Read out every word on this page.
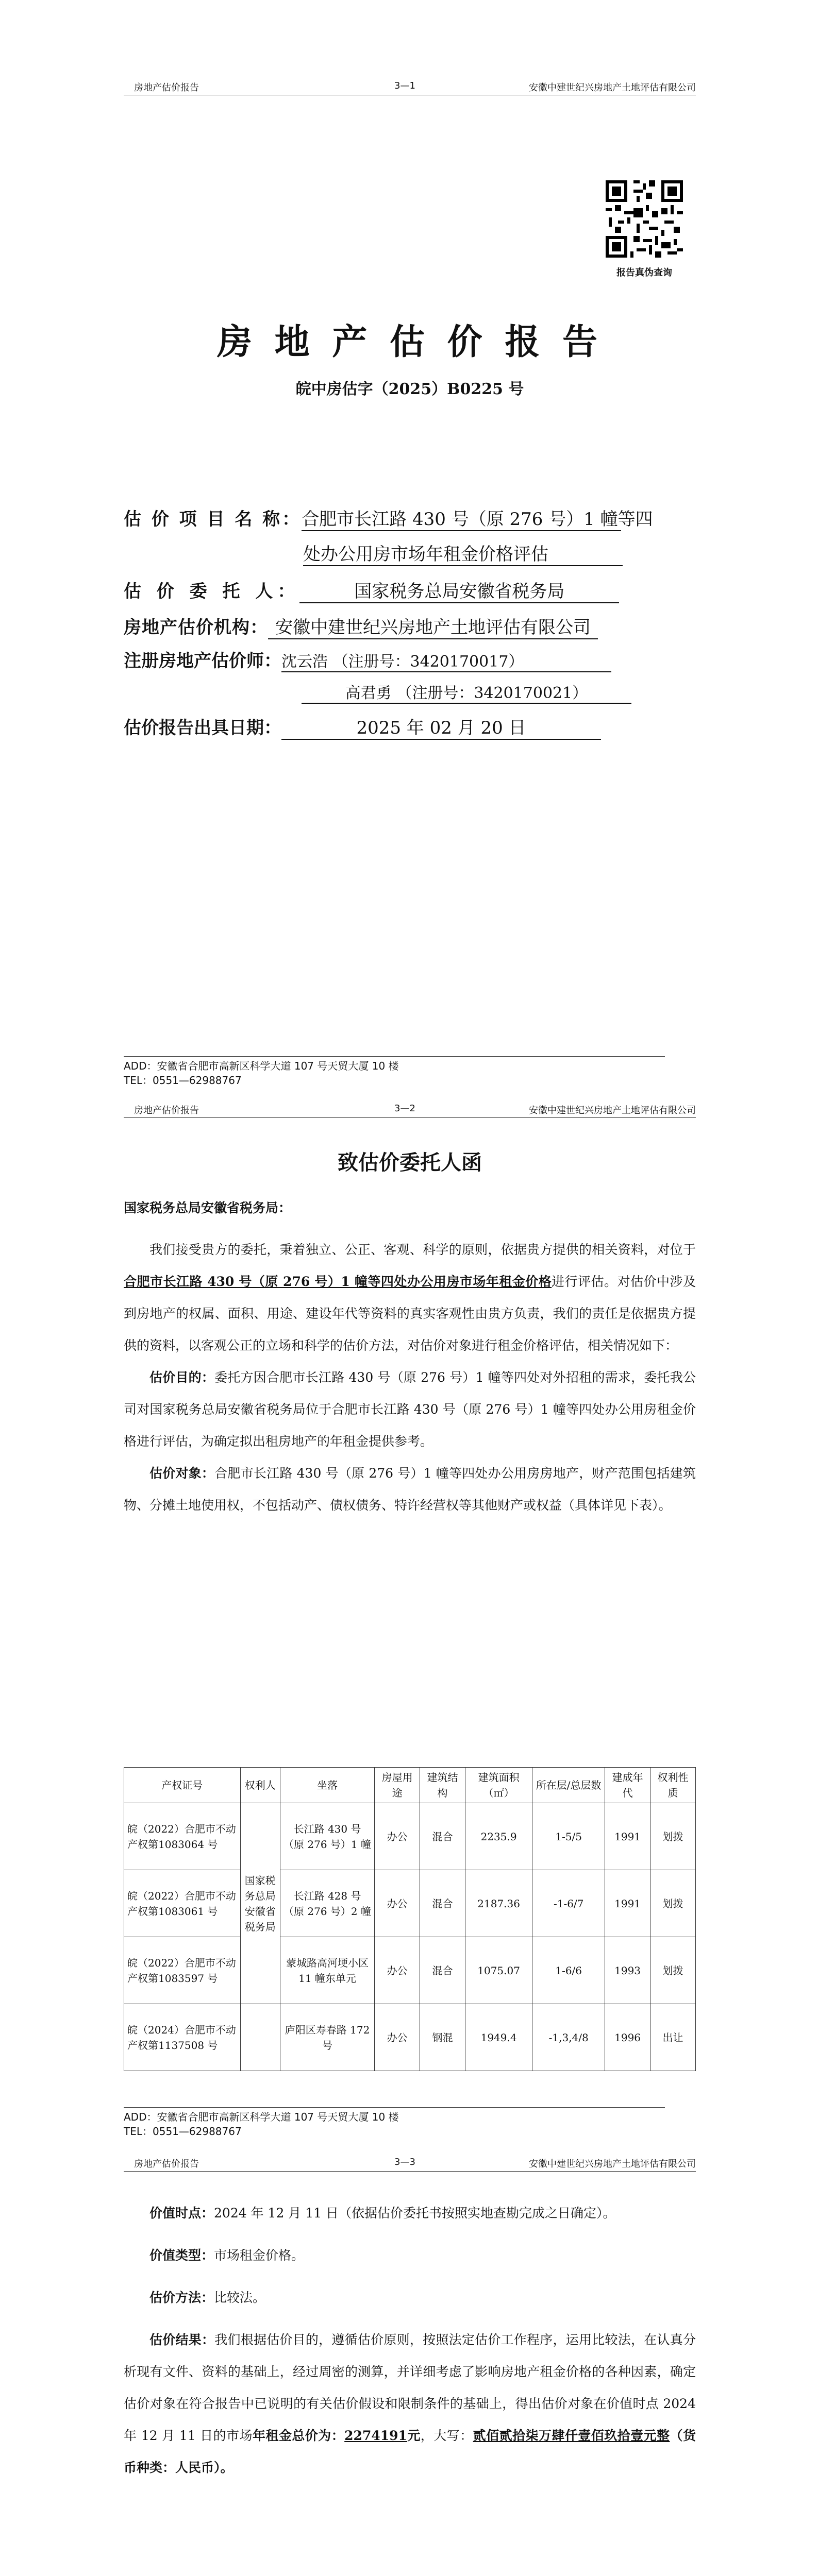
房地产估价报告	3—1	安徽中建世纪兴房地产土地评估有限公司
报告真伪查询
房 地 产 估 价 报 告
皖中房估字（2025）B0225 号
估 价 项 目 名 称：合肥市长江路 430 号（原 276 号）1 幢等四
处办公用房市场年租金价格评估
估 价 委 托 人：	国家税务总局安徽省税务局
房地产估价机构： 安徽中建世纪兴房地产土地评估有限公司
注册房地产估价师：沈云浩 （注册号：3420170017）
高君勇 （注册号：3420170021）
估价报告出具日期：	2025 年 02 月 20 日
ADD：安徽省合肥市高新区科学大道 107 号天贸大厦 10 楼
TEL：0551—62988767
房地产估价报告	3—2	安徽中建世纪兴房地产土地评估有限公司
致估价委托人函
国家税务总局安徽省税务局：

我们接受贵方的委托，秉着独立、公正、客观、科学的原则，依据贵方提供的相关资料，对位于合肥市长江路 430 号（原 276 号）1 幢等四处办公用房市场年租金价格进行评估。对估价中涉及到房地产的权属、面积、用途、建设年代等资料的真实客观性由贵方负责，我们的责任是依据贵方提供的资料，以客观公正的立场和科学的估价方法，对估价对象进行租金价格评估，相关情况如下：

估价目的：委托方因合肥市长江路 430 号（原 276 号）1 幢等四处对外招租的需求，委托我公司对国家税务总局安徽省税务局位于合肥市长江路 430 号（原 276 号）1 幢等四处办公用房租金价格进行评估，为确定拟出租房地产的年租金提供参考。

估价对象：合肥市长江路 430 号（原 276 号）1 幢等四处办公用房房地产，财产范围包括建筑物、分摊土地使用权，不包括动产、债权债务、特许经营权等其他财产或权益（具体详见下表）。

产权证号	权利人	坐落	房屋用途	建筑结构	建筑面积（㎡）	所在层/总层数	建成年代	权利性质
皖（2022）合肥市不动产权第1083064 号	国家税务总局安徽省税务局	长江路 430 号（原 276 号）1 幢	办公	混合	2235.9	1-5/5	1991	划拨
皖（2022）合肥市不动产权第1083061 号		长江路 428 号（原 276 号）2 幢	办公	混合	2187.36	-1-6/7	1991	划拨
皖（2022）合肥市不动产权第1083597 号		蒙城路高河埂小区 11 幢东单元	办公	混合	1075.07	1-6/6	1993	划拨
皖（2024）合肥市不动产权第1137508 号		庐阳区寿春路 172 号	办公	钢混	1949.4	-1,3,4/8	1996	出让
ADD：安徽省合肥市高新区科学大道 107 号天贸大厦 10 楼
TEL：0551—62988767
房地产估价报告	3—3	安徽中建世纪兴房地产土地评估有限公司

价值时点：2024 年 12 月 11 日（依据估价委托书按照实地查勘完成之日确定）。

价值类型：市场租金价格。

估价方法：比较法。

估价结果：我们根据估价目的，遵循估价原则，按照法定估价工作程序，运用比较法，在认真分析现有文件、资料的基础上，经过周密的测算，并详细考虑了影响房地产租金价格的各种因素，确定估价对象在符合报告中已说明的有关估价假设和限制条件的基础上，得出估价对象在价值时点 2024 年 12 月 11 日的市场年租金总价为：2274191元，大写：贰佰贰拾柒万肆仟壹佰玖拾壹元整（货币种类：人民币）。
